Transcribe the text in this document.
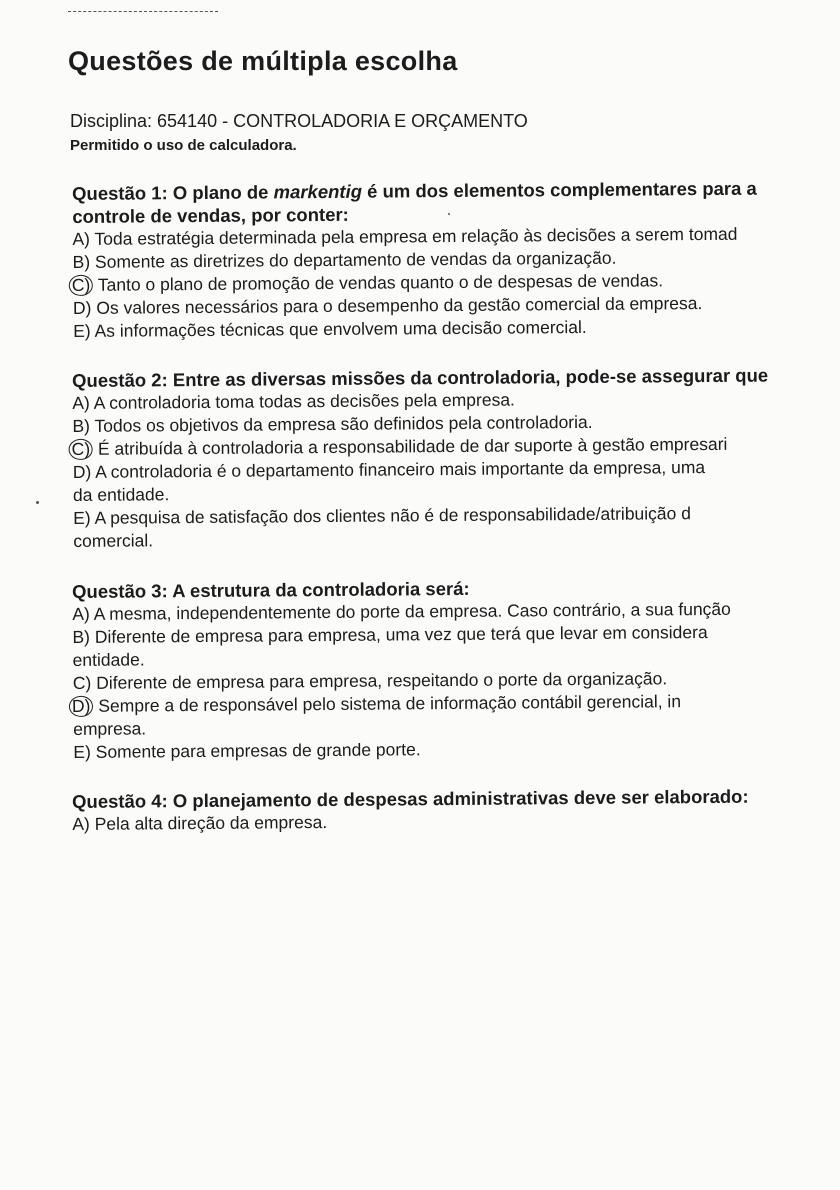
Questões de múltipla escolha
Disciplina: 654140 - CONTROLADORIA E ORÇAMENTO
Permitido o uso de calculadora.
Questão 1: O plano de markentig é um dos elementos complementares para a
controle de vendas, por conter:
A) Toda estratégia determinada pela empresa em relação às decisões a serem tomad
B) Somente as diretrizes do departamento de vendas da organização.
C) Tanto o plano de promoção de vendas quanto o de despesas de vendas.
D) Os valores necessários para o desempenho da gestão comercial da empresa.
E) As informações técnicas que envolvem uma decisão comercial.
Questão 2: Entre as diversas missões da controladoria, pode-se assegurar que
A) A controladoria toma todas as decisões pela empresa.
B) Todos os objetivos da empresa são definidos pela controladoria.
C) É atribuída à controladoria a responsabilidade de dar suporte à gestão empresari
D) A controladoria é o departamento financeiro mais importante da empresa, uma
da entidade.
E) A pesquisa de satisfação dos clientes não é de responsabilidade/atribuição d
comercial.
Questão 3: A estrutura da controladoria será:
A) A mesma, independentemente do porte da empresa. Caso contrário, a sua função
B) Diferente de empresa para empresa, uma vez que terá que levar em considera
entidade.
C) Diferente de empresa para empresa, respeitando o porte da organização.
D) Sempre a de responsável pelo sistema de informação contábil gerencial, in
empresa.
E) Somente para empresas de grande porte.
Questão 4: O planejamento de despesas administrativas deve ser elaborado:
A) Pela alta direção da empresa.
